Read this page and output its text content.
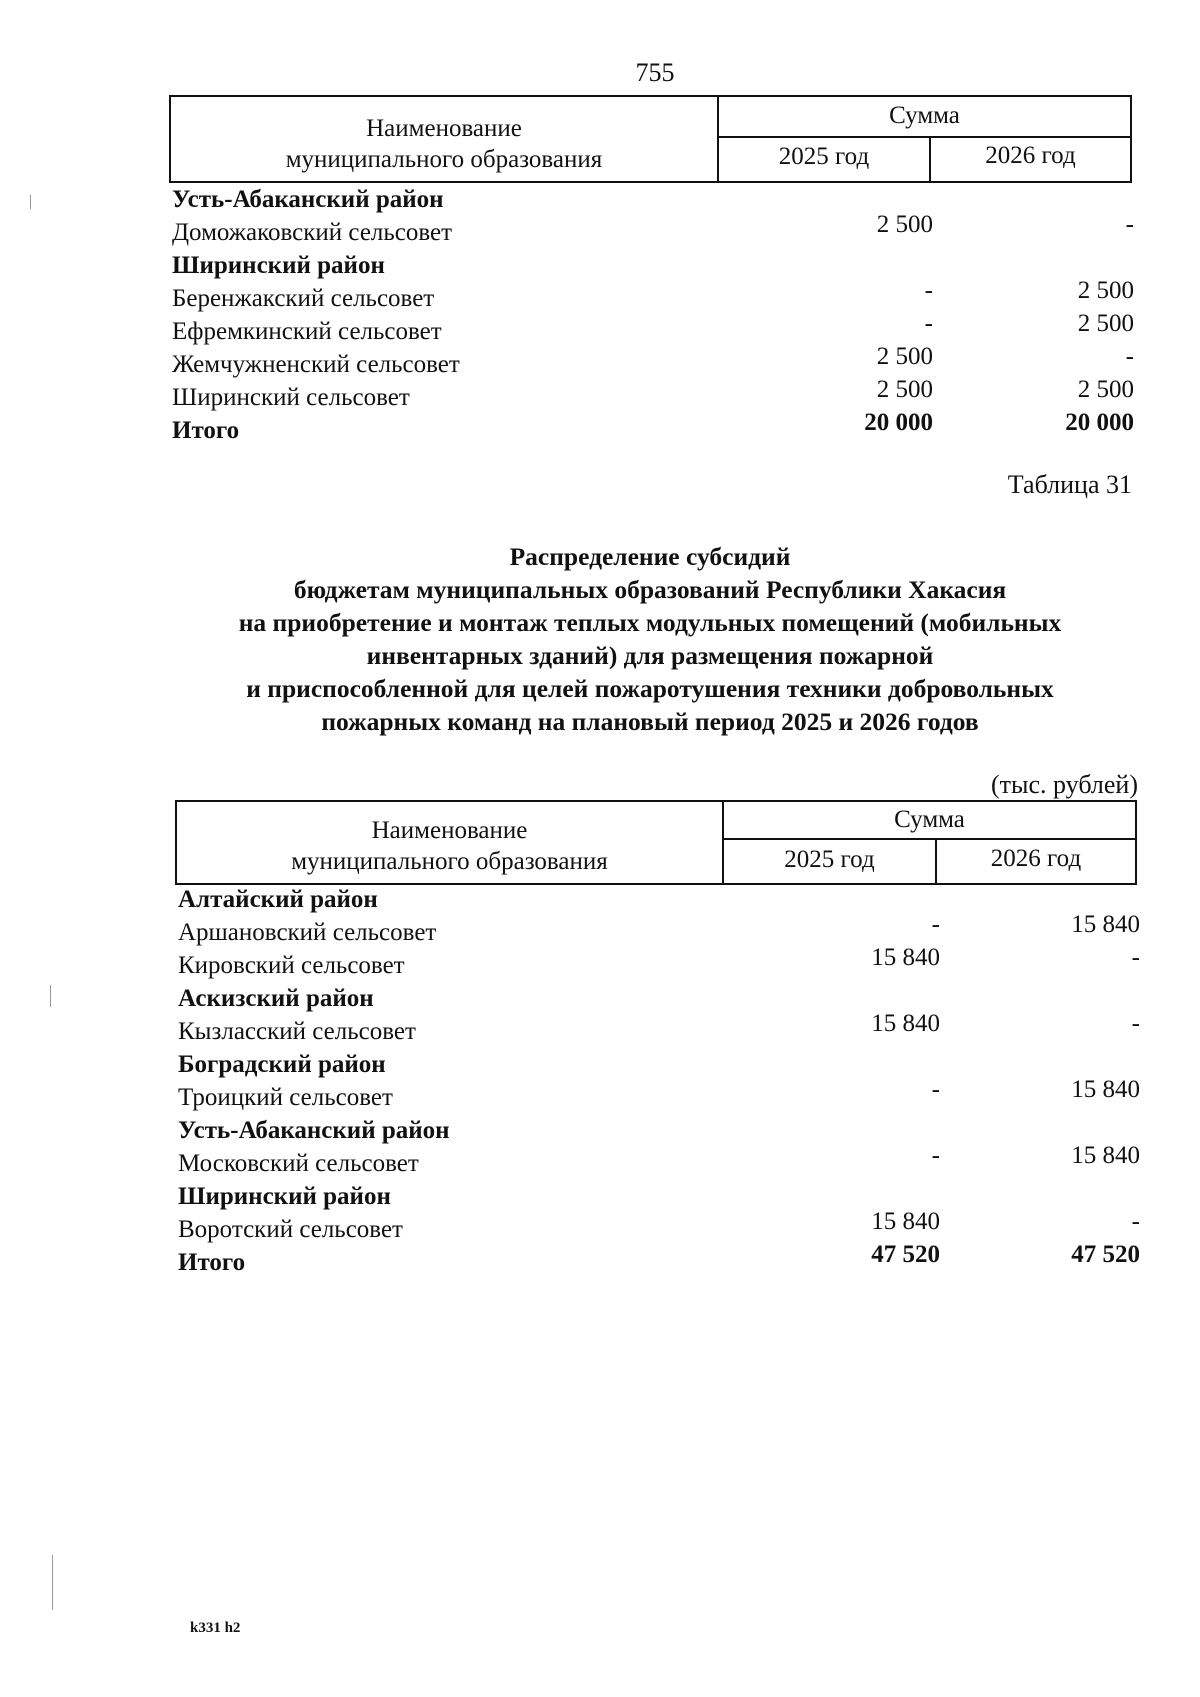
755
Наименование
муниципального образования
Сумма
2025 год	2026 год
Усть-Абаканский район
Доможаковский сельсовет	2 500	-
Ширинский район
Беренжакский сельсовет	-	2 500
Ефремкинский сельсовет	-	2 500
Жемчужненский сельсовет	2 500	-
Ширинский сельсовет	2 500	2 500
Итого	20 000	20 000
Таблица 31
Распределение субсидий
бюджетам муниципальных образований Республики Хакасия
на приобретение и монтаж теплых модульных помещений (мобильных
инвентарных зданий) для размещения пожарной
и приспособленной для целей пожаротушения техники добровольных
пожарных команд на плановый период 2025 и 2026 годов
(тыс. рублей)
Наименование
муниципального образования
Сумма
2025 год	2026 год
Алтайский район
Аршановский сельсовет	-	15 840
Кировский сельсовет	15 840	-
Аскизский район
Кызласский сельсовет	15 840	-
Боградский район
Троицкий сельсовет	-	15 840
Усть-Абаканский район
Московский сельсовет	-	15 840
Ширинский район
Воротский сельсовет	15 840	-
Итого	47 520	47 520
k331 h2
